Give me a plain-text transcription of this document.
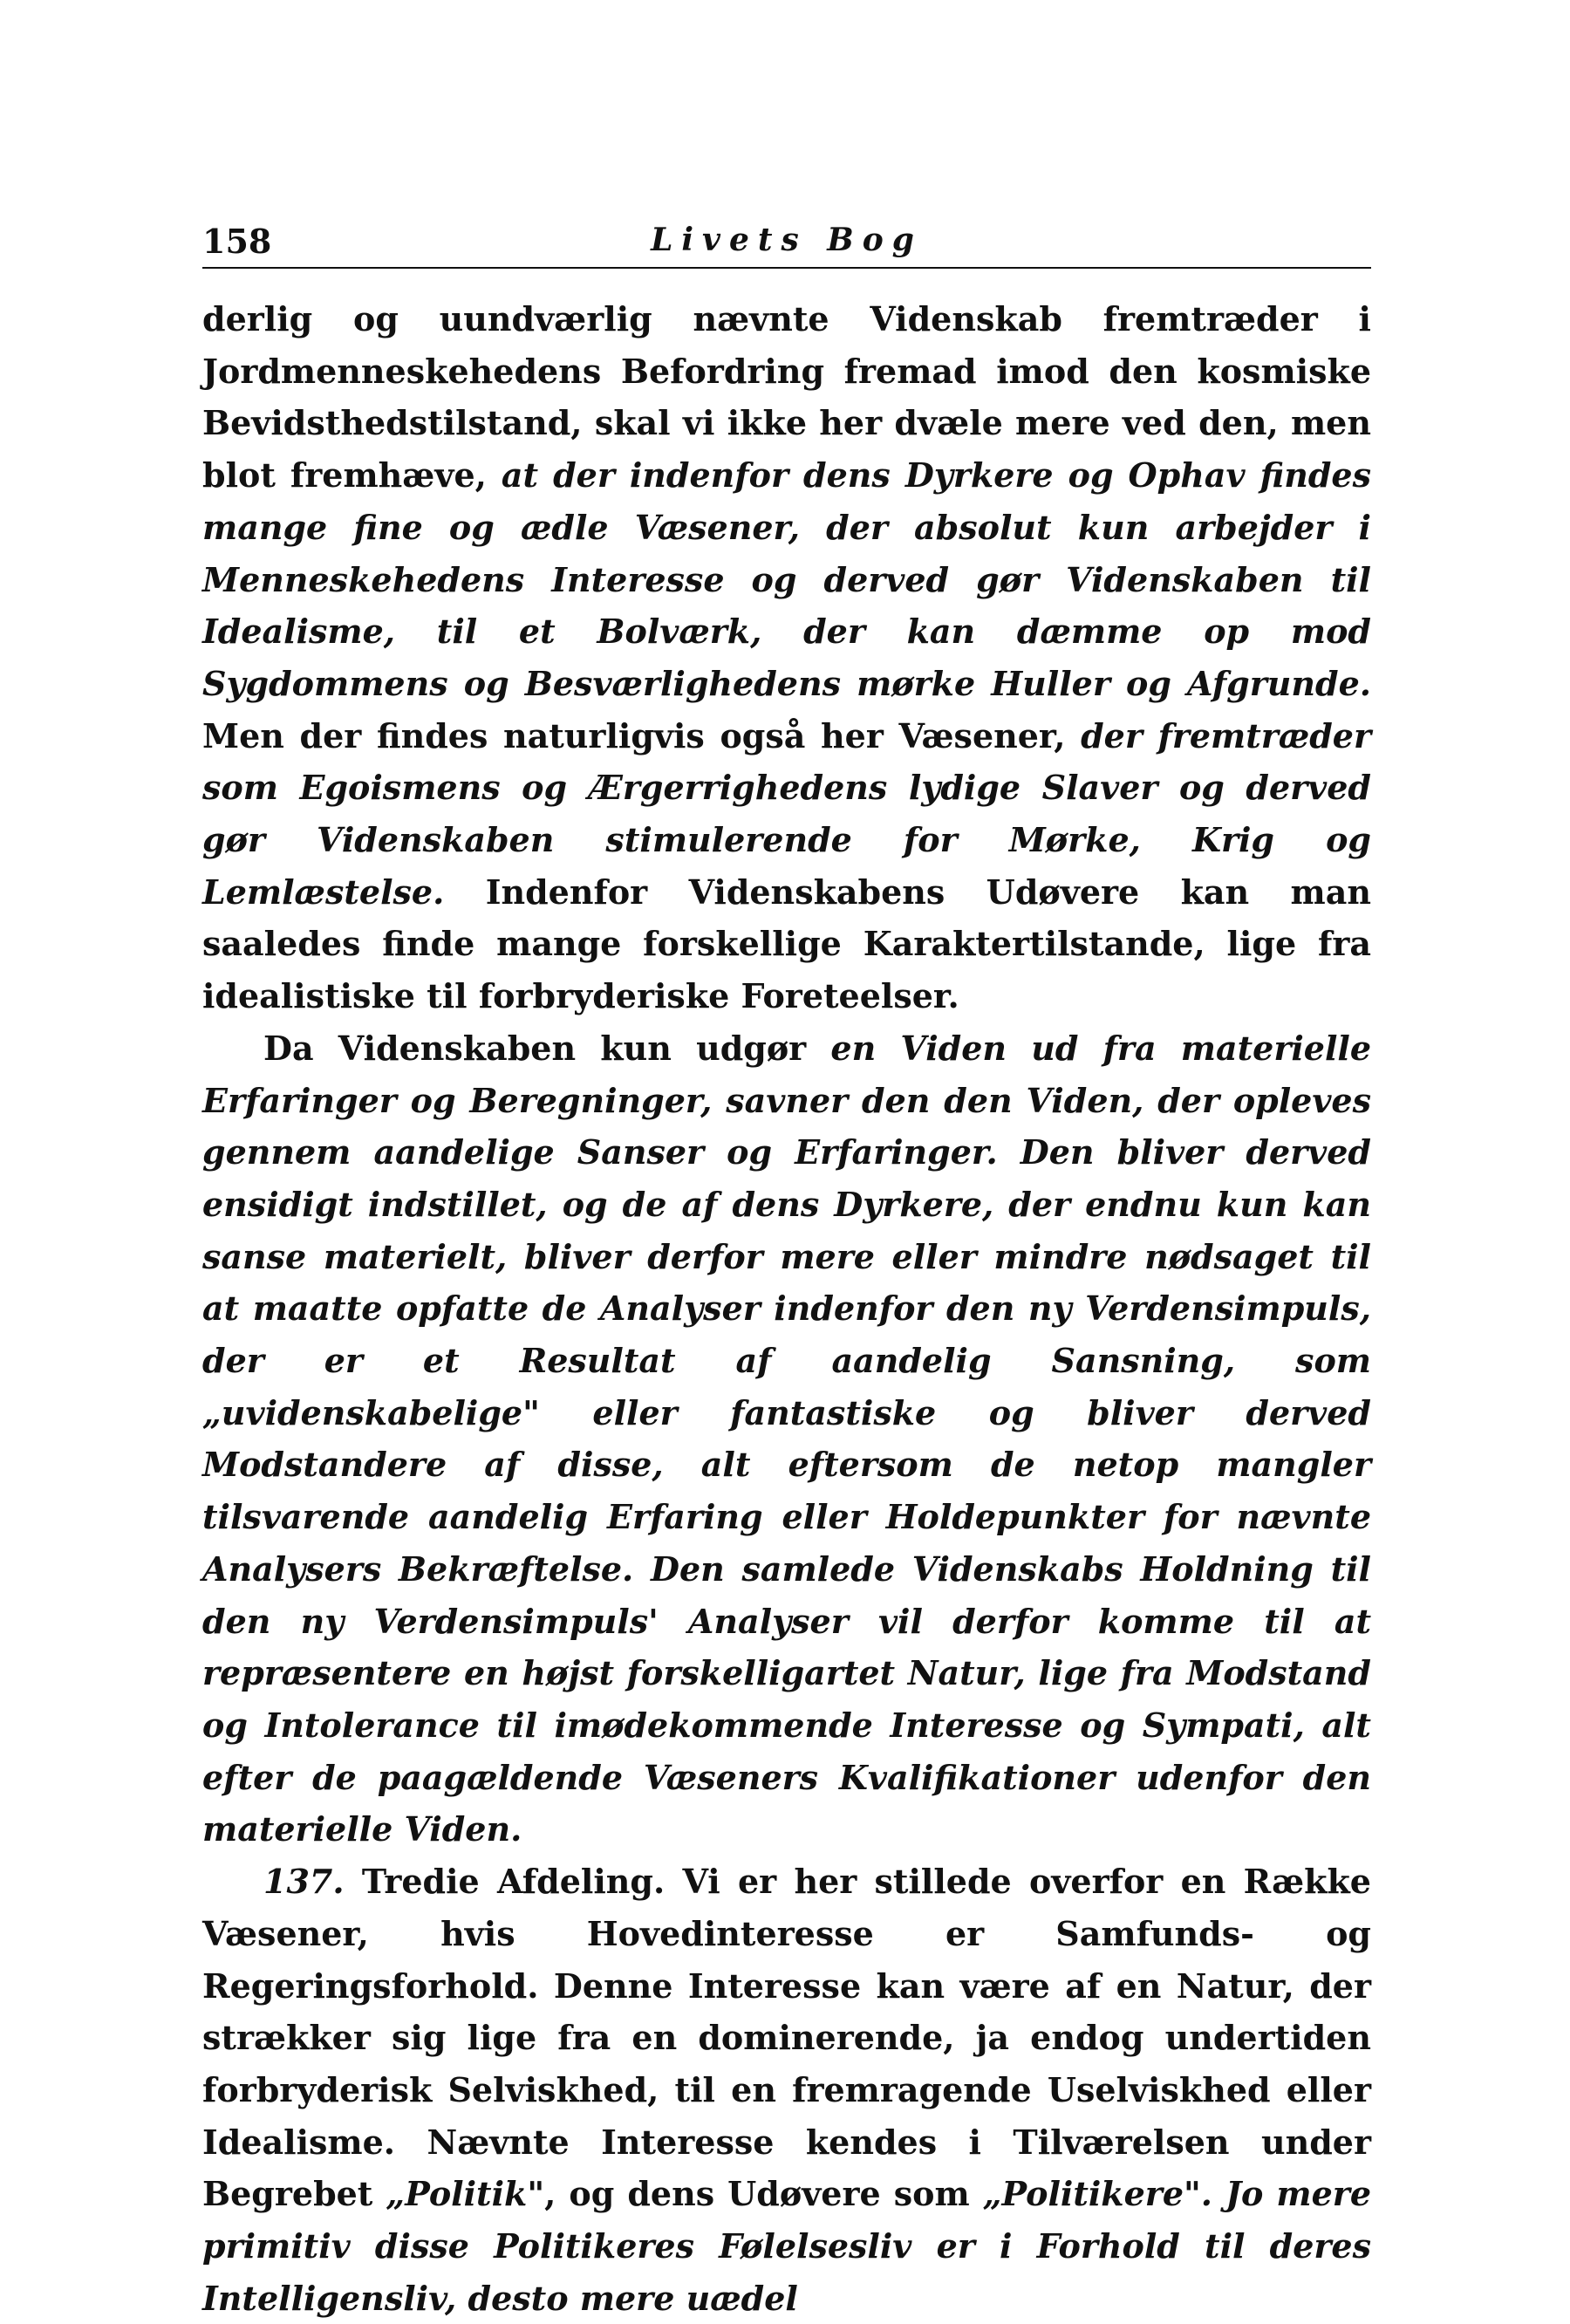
158	Livets Bog

derlig og uundværlig nævnte Videnskab fremtræder i Jordmenneskehedens Befordring fremad imod den kosmiske Bevidsthedstilstand, skal vi ikke her dvæle mere ved den, men blot fremhæve, at der indenfor dens Dyrkere og Ophav findes mange fine og ædle Væsener, der absolut kun arbejder i Menneskehedens Interesse og derved gør Videnskaben til Idealisme, til et Bolværk, der kan dæmme op mod Sygdommens og Besværlighedens mørke Huller og Afgrunde. Men der findes naturligvis også her Væsener, der fremtræder som Egoismens og Ærgerrighedens lydige Slaver og derved gør Videnskaben stimulerende for Mørke, Krig og Lemlæstelse. Indenfor Videnskabens Udøvere kan man saaledes finde mange forskellige Karaktertilstande, lige fra idealistiske til forbryderiske Foreteelser.

Da Videnskaben kun udgør en Viden ud fra materielle Erfaringer og Beregninger, savner den den Viden, der opleves gennem aandelige Sanser og Erfaringer. Den bliver derved ensidigt indstillet, og de af dens Dyrkere, der endnu kun kan sanse materielt, bliver derfor mere eller mindre nødsaget til at maatte opfatte de Analyser indenfor den ny Verdensimpuls, der er et Resultat af aandelig Sansning, som „uvidenskabelige" eller fantastiske og bliver derved Modstandere af disse, alt eftersom de netop mangler tilsvarende aandelig Erfaring eller Holdepunkter for nævnte Analysers Bekræftelse. Den samlede Videnskabs Holdning til den ny Verdensimpuls' Analyser vil derfor komme til at repræsentere en højst forskelligartet Natur, lige fra Modstand og Intolerance til imødekommende Interesse og Sympati, alt efter de paagældende Væseners Kvalifikationer udenfor den materielle Viden.

137. Tredie Afdeling. Vi er her stillede overfor en Række Væsener, hvis Hovedinteresse er Samfunds- og Regeringsforhold. Denne Interesse kan være af en Natur, der strækker sig lige fra en dominerende, ja endog undertiden forbryderisk Selviskhed, til en fremragende Uselviskhed eller Idealisme. Nævnte Interesse kendes i Tilværelsen under Begrebet „Politik", og dens Udøvere som „Politikere". Jo mere primitiv disse Politikeres Følelsesliv er i Forhold til deres Intelligensliv, desto mere uædel
